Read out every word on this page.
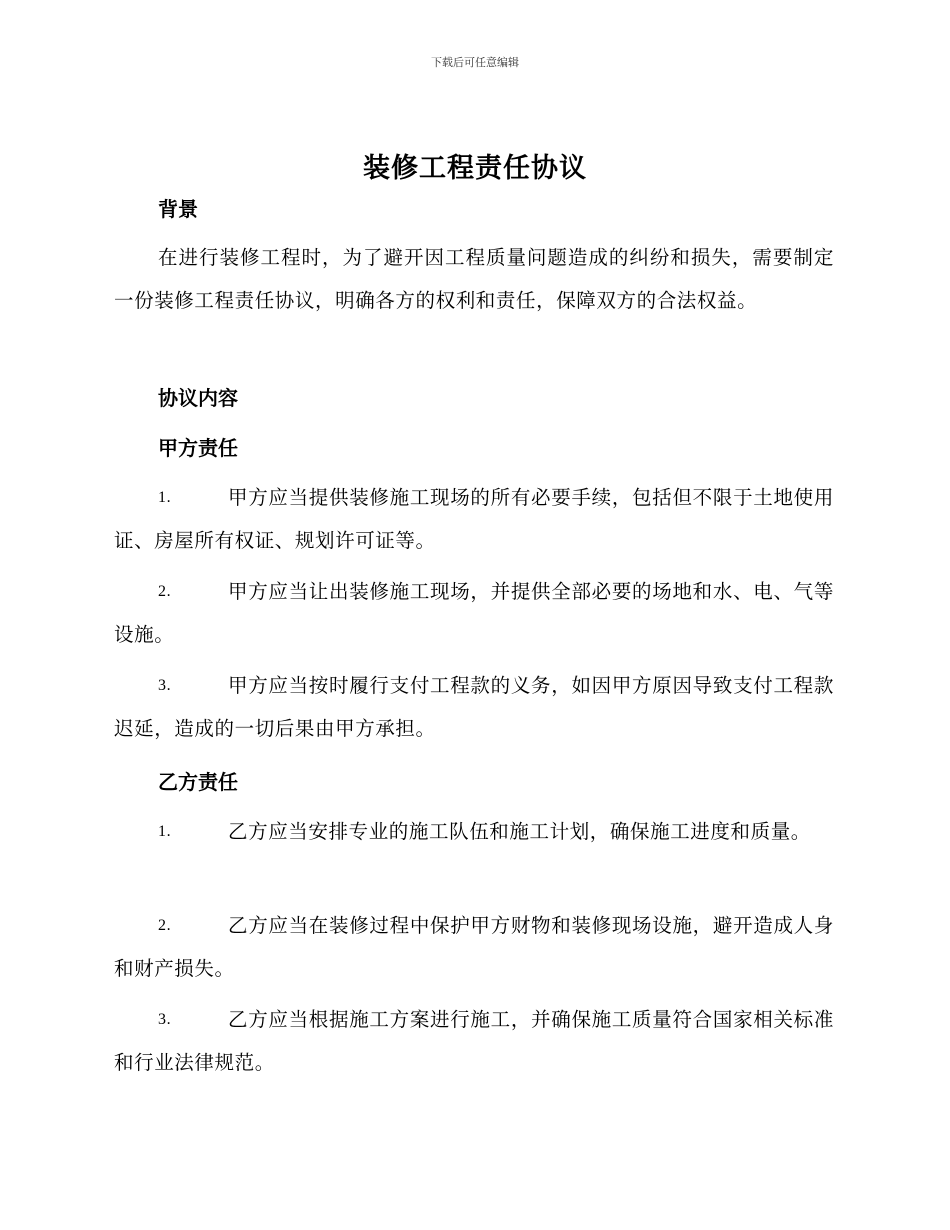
下载后可任意编辑
装修工程责任协议
背景
在进行装修工程时，为了避开因工程质量问题造成的纠纷和损失，需要制定一份装修工程责任协议，明确各方的权利和责任，保障双方的合法权益。
协议内容
甲方责任
1.	甲方应当提供装修施工现场的所有必要手续，包括但不限于土地使用证、房屋所有权证、规划许可证等。
2.	甲方应当让出装修施工现场，并提供全部必要的场地和水、电、气等设施。
3.	甲方应当按时履行支付工程款的义务，如因甲方原因导致支付工程款迟延，造成的一切后果由甲方承担。
乙方责任
1.	乙方应当安排专业的施工队伍和施工计划，确保施工进度和质量。
2.	乙方应当在装修过程中保护甲方财物和装修现场设施，避开造成人身和财产损失。
3.	乙方应当根据施工方案进行施工，并确保施工质量符合国家相关标准和行业法律规范。
